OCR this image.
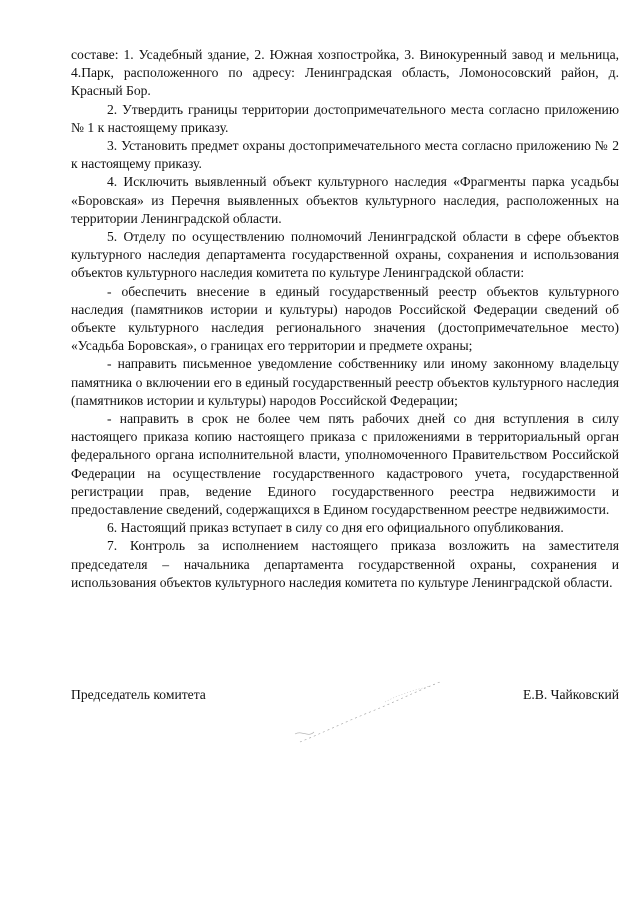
составе: 1. Усадебный здание, 2. Южная хозпостройка, 3. Винокуренный завод и мельница, 4.Парк, расположенного по адресу: Ленинградская область, Ломоносовский район, д. Красный Бор.

2. Утвердить границы территории достопримечательного места согласно приложению № 1 к настоящему приказу.

3. Установить предмет охраны достопримечательного места согласно приложению № 2 к настоящему приказу.

4. Исключить выявленный объект культурного наследия «Фрагменты парка усадьбы «Боровская» из Перечня выявленных объектов культурного наследия, расположенных на территории Ленинградской области.

5. Отделу по осуществлению полномочий Ленинградской области в сфере объектов культурного наследия департамента государственной охраны, сохранения и использования объектов культурного наследия комитета по культуре Ленинградской области:

- обеспечить внесение в единый государственный реестр объектов культурного наследия (памятников истории и культуры) народов Российской Федерации сведений об объекте культурного наследия регионального значения (достопримечательное место) «Усадьба Боровская», о границах его территории и предмете охраны;

- направить письменное уведомление собственнику или иному законному владельцу памятника о включении его в единый государственный реестр объектов культурного наследия (памятников истории и культуры) народов Российской Федерации;

- направить в срок не более чем пять рабочих дней со дня вступления в силу настоящего приказа копию настоящего приказа с приложениями в территориальный орган федерального органа исполнительной власти, уполномоченного Правительством Российской Федерации на осуществление государственного кадастрового учета, государственной регистрации прав, ведение Единого государственного реестра недвижимости и предоставление сведений, содержащихся в Едином государственном реестре недвижимости.

6. Настоящий приказ вступает в силу со дня его официального опубликования.

7. Контроль за исполнением настоящего приказа возложить на заместителя председателя – начальника департамента государственной охраны, сохранения и использования объектов культурного наследия комитета по культуре Ленинградской области.

Председатель комитета	Е.В. Чайковский
